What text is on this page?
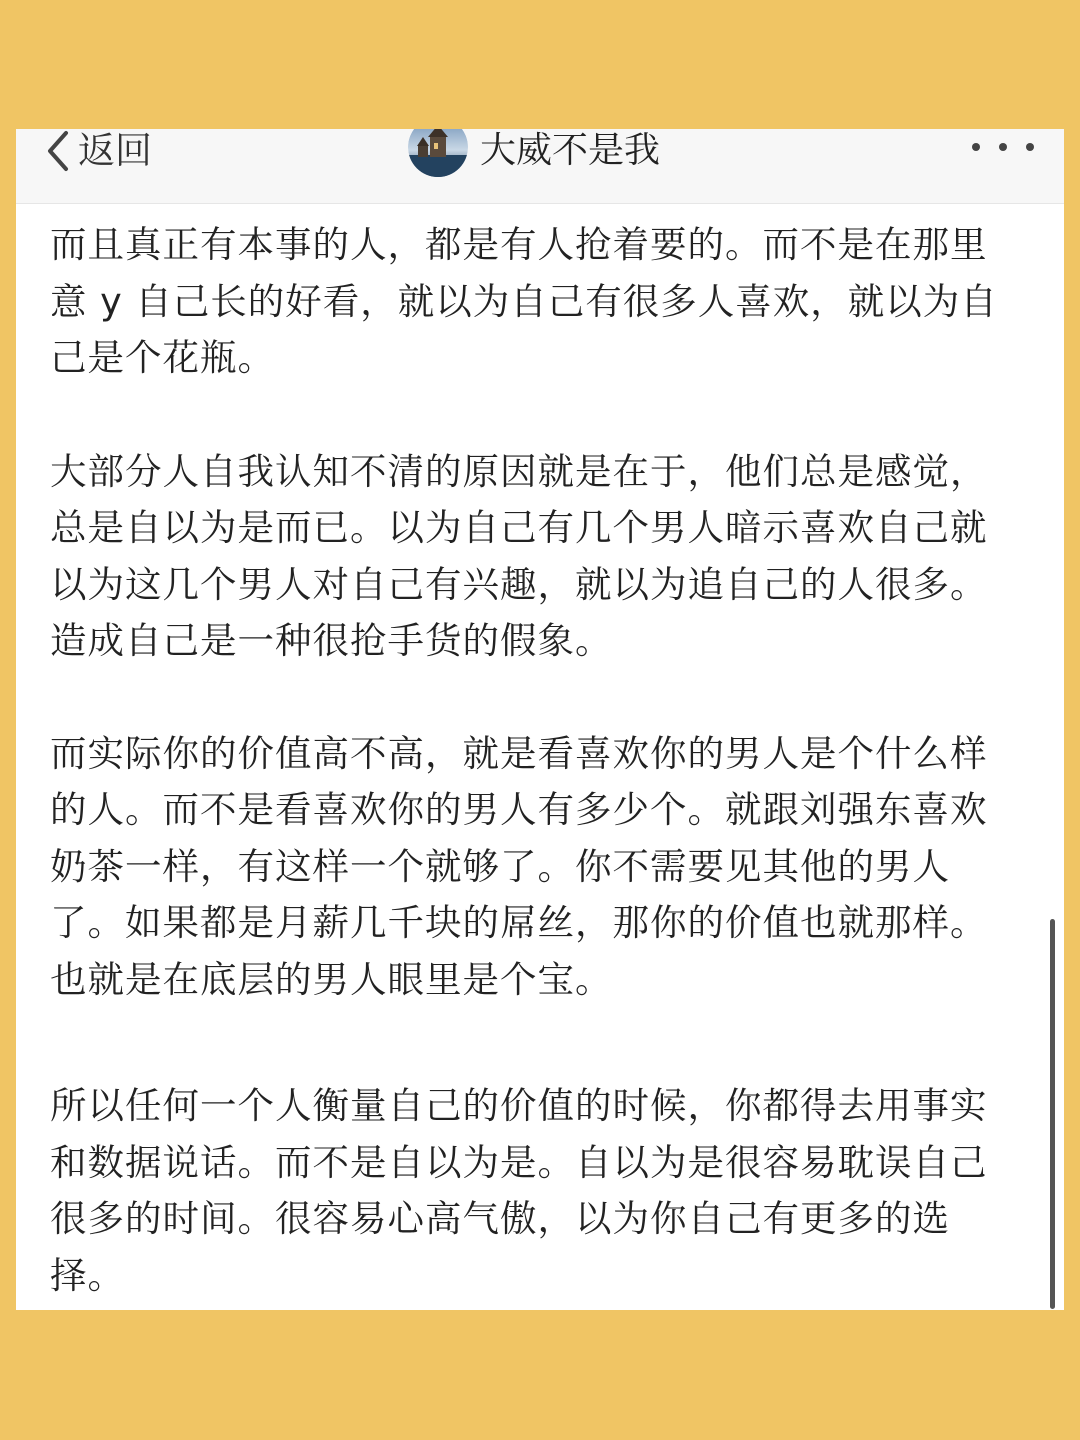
返回	大威不是我

而且真正有本事的人，都是有人抢着要的。而不是在那里意 y 自己长的好看，就以为自己有很多人喜欢，就以为自己是个花瓶。

大部分人自我认知不清的原因就是在于，他们总是感觉，总是自以为是而已。以为自己有几个男人暗示喜欢自己就以为这几个男人对自己有兴趣，就以为追自己的人很多。造成自己是一种很抢手货的假象。

而实际你的价值高不高，就是看喜欢你的男人是个什么样的人。而不是看喜欢你的男人有多少个。就跟刘强东喜欢奶茶一样，有这样一个就够了。你不需要见其他的男人了。如果都是月薪几千块的屌丝，那你的价值也就那样。也就是在底层的男人眼里是个宝。

所以任何一个人衡量自己的价值的时候，你都得去用事实和数据说话。而不是自以为是。自以为是很容易耽误自己很多的时间。很容易心高气傲，以为你自己有更多的选择。
